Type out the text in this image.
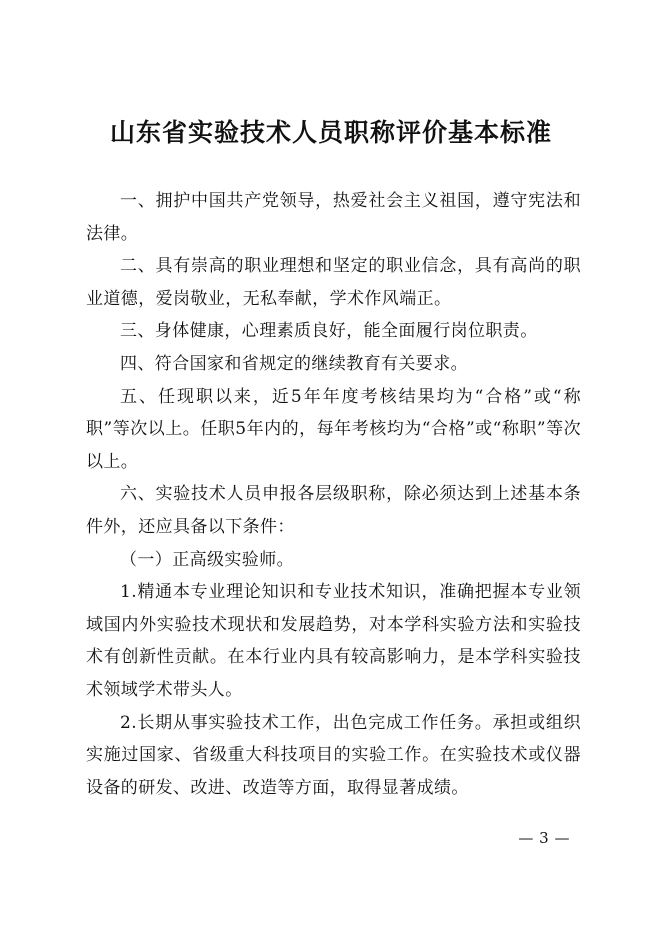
山东省实验技术人员职称评价基本标准

一、拥护中国共产党领导，热爱社会主义祖国，遵守宪法和法律。

二、具有崇高的职业理想和坚定的职业信念，具有高尚的职业道德，爱岗敬业，无私奉献，学术作风端正。

三、身体健康，心理素质良好，能全面履行岗位职责。

四、符合国家和省规定的继续教育有关要求。

五、任现职以来，近5年年度考核结果均为“合格”或“称职”等次以上。任职5年内的，每年考核均为“合格”或“称职”等次以上。

六、实验技术人员申报各层级职称，除必须达到上述基本条件外，还应具备以下条件：

（一）正高级实验师。

1.精通本专业理论知识和专业技术知识，准确把握本专业领域国内外实验技术现状和发展趋势，对本学科实验方法和实验技术有创新性贡献。在本行业内具有较高影响力，是本学科实验技术领域学术带头人。

2.长期从事实验技术工作，出色完成工作任务。承担或组织实施过国家、省级重大科技项目的实验工作。在实验技术或仪器设备的研发、改进、改造等方面，取得显著成绩。

— 3 —
